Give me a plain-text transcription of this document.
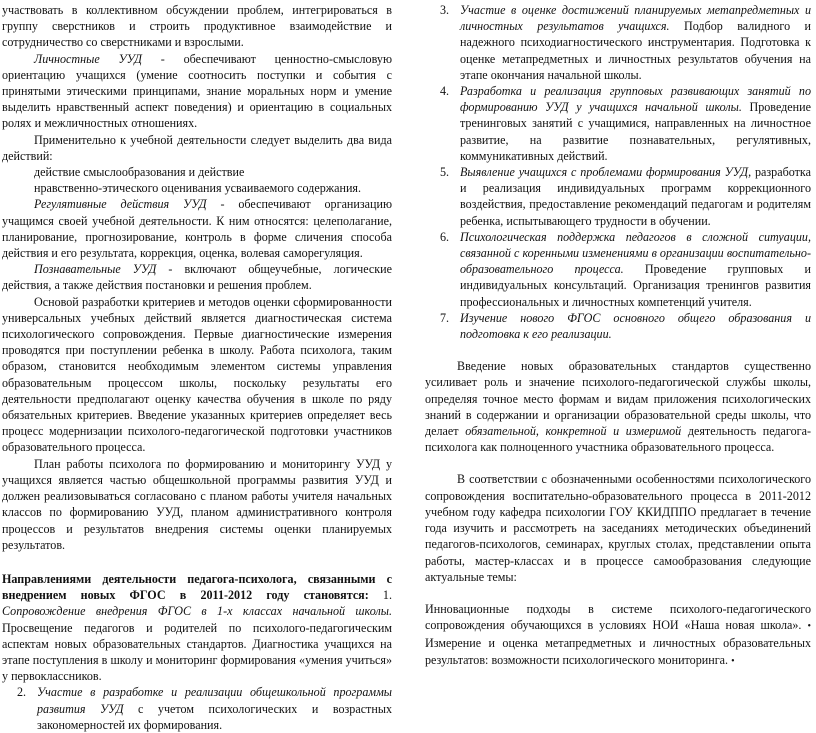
участвовать в коллективном обсуждении проблем, интегрироваться в группу сверстников и строить продуктивное взаимодействие и сотрудничество со сверстниками и взрослыми.

Личностные УУД - обеспечивают ценностно-смысловую ориентацию учащихся (умение соотносить поступки и события с принятыми этическими принципами, знание моральных норм и умение выделить нравственный аспект поведения) и ориентацию в социальных ролях и межличностных отношениях.

Применительно к учебной деятельности следует выделить два вида действий:

действие смыслообразования и действие

нравственно-этического оценивания усваиваемого содержания.

Регулятивные действия УУД - обеспечивают организацию учащимся своей учебной деятельности. К ним относятся: целеполагание, планирование, прогнозирование, контроль в форме сличения способа действия и его результата, коррекция, оценка, волевая саморегуляция.

Познавательные УУД - включают общеучебные, логические действия, а также действия постановки и решения проблем.

Основой разработки критериев и методов оценки сформированности универсальных учебных действий является диагностическая система психологического сопровождения. Первые диагностические измерения проводятся при поступлении ребенка в школу. Работа психолога, таким образом, становится необходимым элементом системы управления образовательным процессом школы, поскольку результаты его деятельности предполагают оценку качества обучения в школе по ряду обязательных критериев. Введение указанных критериев определяет весь процесс модернизации психолого-педагогической подготовки участников образовательного процесса.

План работы психолога по формированию и мониторингу УУД у учащихся является частью общешкольной программы развития УУД и должен реализовываться согласовано с планом работы учителя начальных классов по формированию УУД, планом административного контроля процессов и результатов внедрения системы оценки планируемых результатов.

Направлениями деятельности педагога-психолога, связанными с внедрением новых ФГОС в 2011-2012 году становятся: 1. Сопровождение внедрения ФГОС в 1-х классах начальной школы. Просвещение педагогов и родителей по психолого-педагогическим аспектам новых образовательных стандартов. Диагностика учащихся на этапе поступления в школу и мониторинг формирования «умения учиться» у первоклассников.

2. Участие в разработке и реализации общешкольной программы развития УУД с учетом психологических и возрастных закономерностей их формирования.

3. Участие в оценке достижений планируемых метапредметных и личностных результатов учащихся. Подбор валидного и надежного психодиагностического инструментария. Подготовка к оценке метапредметных и личностных результатов обучения на этапе окончания начальной школы.
4. Разработка и реализация групповых развивающих занятий по формированию УУД у учащихся начальной школы. Проведение тренинговых занятий с учащимися, направленных на личностное развитие, на развитие познавательных, регулятивных, коммуникативных действий.
5. Выявление учащихся с проблемами формирования УУД, разработка и реализация индивидуальных программ коррекционного воздействия, предоставление рекомендаций педагогам и родителям ребенка, испытывающего трудности в обучении.
6. Психологическая поддержка педагогов в сложной ситуации, связанной с коренными изменениями в организации воспитательно-образовательного процесса. Проведение групповых и индивидуальных консультаций. Организация тренингов развития профессиональных и личностных компетенций учителя.
7. Изучение нового ФГОС основного общего образования и подготовка к его реализации.

Введение новых образовательных стандартов существенно усиливает роль и значение психолого-педагогической службы школы, определяя точное место формам и видам приложения психологических знаний в содержании и организации образовательной среды школы, что делает обязательной, конкретной и измеримой деятельность педагога-психолога как полноценного участника образовательного процесса.

В соответствии с обозначенными особенностями психологического сопровождения воспитательно-образовательного процесса в 2011-2012 учебном году кафедра психологии ГОУ ККИДППО предлагает в течение года изучить и рассмотреть на заседаниях методических объединений педагогов-психологов, семинарах, круглых столах, представлении опыта работы, мастер-классах и в процессе самообразования следующие актуальные темы:

Инновационные подходы в системе психолого-педагогического сопровождения обучающихся в условиях НОИ «Наша новая школа». • Измерение и оценка метапредметных и личностных образовательных результатов: возможности психологического мониторинга. •
